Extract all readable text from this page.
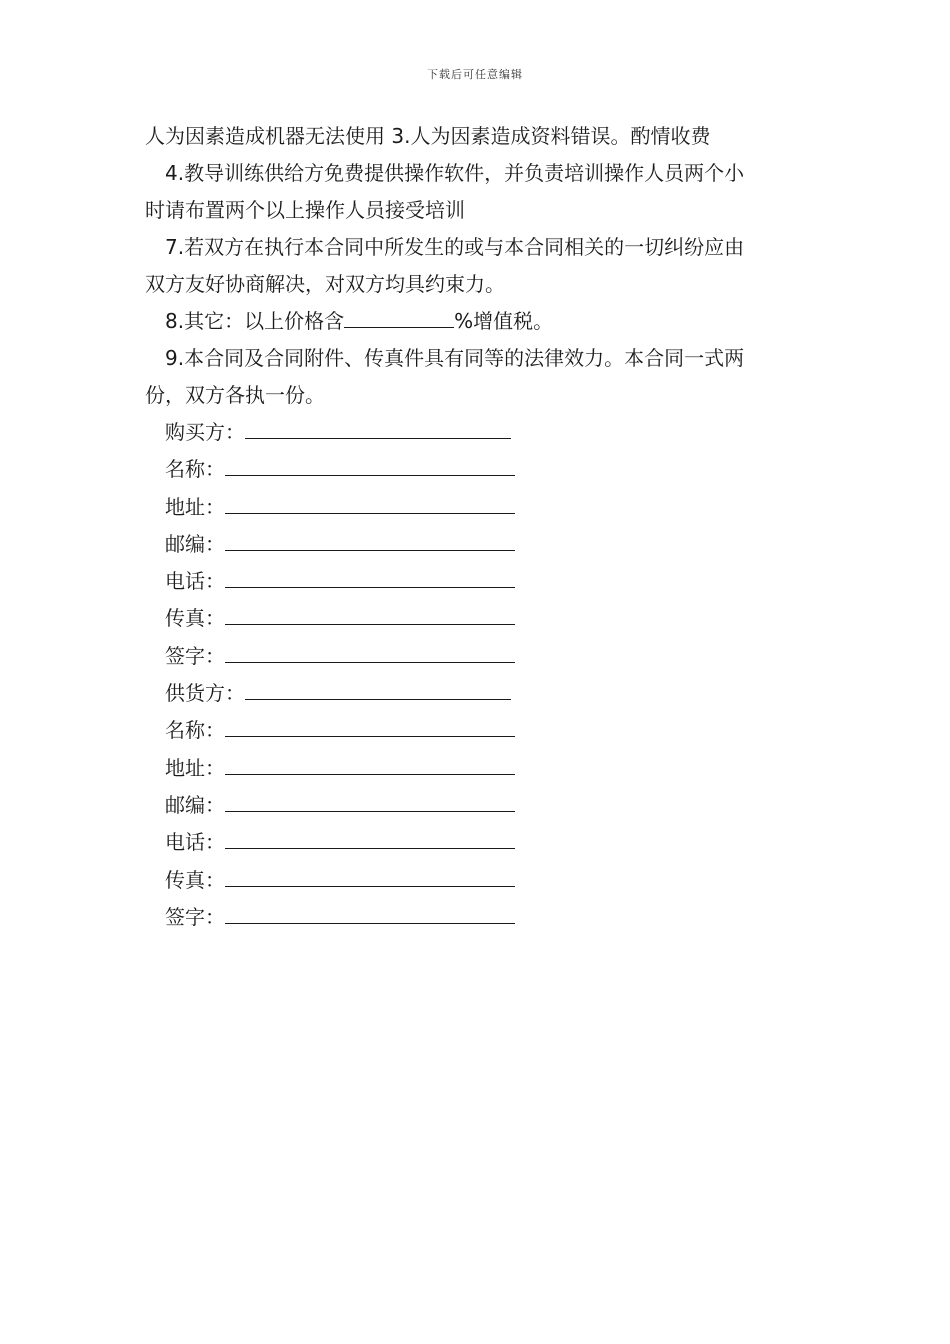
下载后可任意编辑
人为因素造成机器无法使用 3.人为因素造成资料错误。酌情收费
4.教导训练供给方免费提供操作软件，并负责培训操作人员两个小
时请布置两个以上操作人员接受培训
7.若双方在执行本合同中所发生的或与本合同相关的一切纠纷应由
双方友好协商解决，对双方均具约束力。
8.其它：以上价格含	%增值税。
9.本合同及合同附件、传真件具有同等的法律效力。本合同一式两
份，双方各执一份。
购买方：
名称：
地址：
邮编：
电话：
传真：
签字：
供货方：
名称：
地址：
邮编：
电话：
传真：
签字：
